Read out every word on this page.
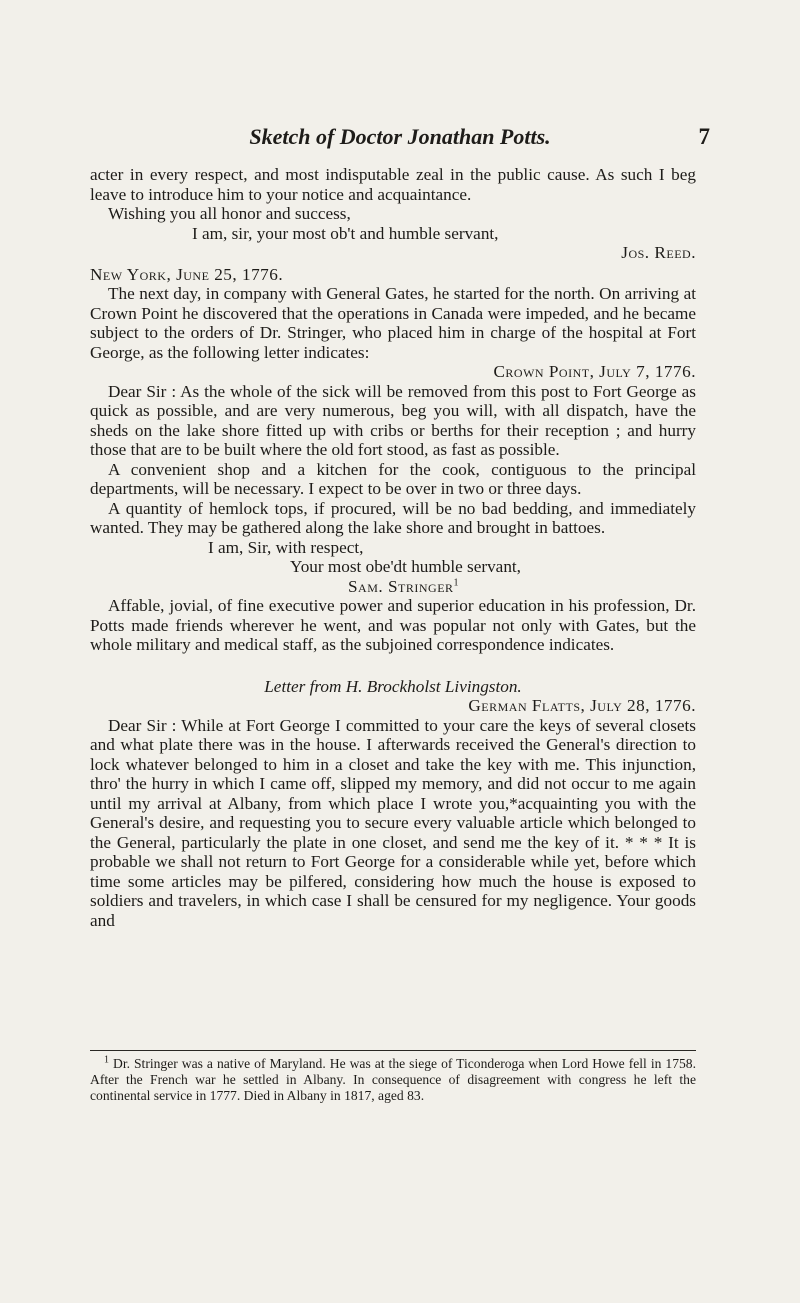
Sketch of Doctor Jonathan Potts.	7

acter in every respect, and most indisputable zeal in the public cause. As such I beg leave to introduce him to your notice and acquaintance.

Wishing you all honor and success,

I am, sir, your most ob't and humble servant,

Jos. Reed.

New York, June 25, 1776.

The next day, in company with General Gates, he started for the north. On arriving at Crown Point he discovered that the operations in Canada were impeded, and he became subject to the orders of Dr. Stringer, who placed him in charge of the hospital at Fort George, as the following letter indicates:

Crown Point, July 7, 1776.

Dear Sir : As the whole of the sick will be removed from this post to Fort George as quick as possible, and are very numerous, beg you will, with all dispatch, have the sheds on the lake shore fitted up with cribs or berths for their reception ; and hurry those that are to be built where the old fort stood, as fast as possible.

A convenient shop and a kitchen for the cook, contiguous to the principal departments, will be necessary. I expect to be over in two or three days.

A quantity of hemlock tops, if procured, will be no bad bedding, and immediately wanted. They may be gathered along the lake shore and brought in battoes.

I am, Sir, with respect,

Your most obe'dt humble servant,

Sam. Stringer$^1$

Affable, jovial, of fine executive power and superior education in his profession, Dr. Potts made friends wherever he went, and was popular not only with Gates, but the whole military and medical staff, as the subjoined correspondence indicates.

Letter from H. Brockholst Livingston.

German Flatts, July 28, 1776.

Dear Sir : While at Fort George I committed to your care the keys of several closets and what plate there was in the house. I afterwards received the General's direction to lock whatever belonged to him in a closet and take the key with me. This injunction, thro' the hurry in which I came off, slipped my memory, and did not occur to me again until my arrival at Albany, from which place I wrote you,*acquainting you with the General's desire, and requesting you to secure every valuable article which belonged to the General, particularly the plate in one closet, and send me the key of it. * * * It is probable we shall not return to Fort George for a considerable while yet, before which time some articles may be pilfered, considering how much the house is exposed to soldiers and travelers, in which case I shall be censured for my negligence. Your goods and

$^1$ Dr. Stringer was a native of Maryland. He was at the siege of Ticonderoga when Lord Howe fell in 1758. After the French war he settled in Albany. In consequence of disagreement with congress he left the continental service in 1777. Died in Albany in 1817, aged 83.
